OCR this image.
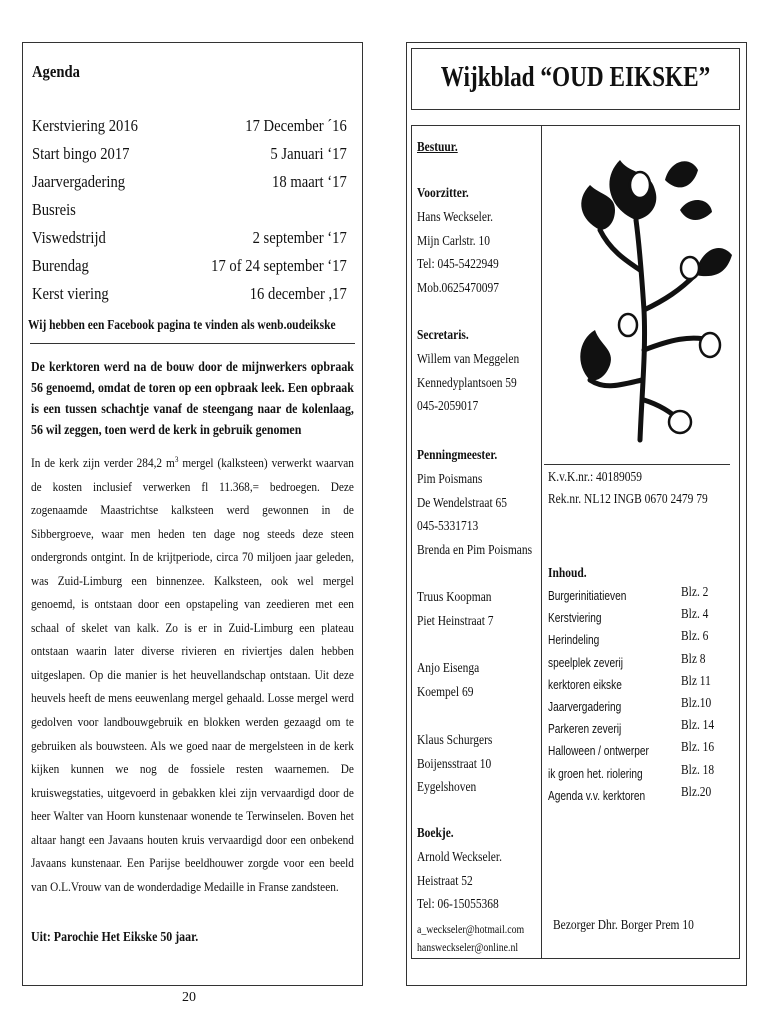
Agenda
Kerstviering 2016	17 December ´16
Start bingo 2017	5 Januari ‘17
Jaarvergadering	18 maart ‘17
Busreis
Viswedstrijd	2 september ‘17
Burendag	17 of 24 september ‘17
Kerst viering	16 december ,17
Wij hebben een Facebook pagina te vinden als wenb.oudeikske
De kerktoren werd na de bouw door de mijnwerkers opbraak 56 genoemd, omdat de toren op een opbraak leek. Een opbraak is een tussen schachtje vanaf de steengang naar de kolenlaag, 56 wil zeggen, toen werd de kerk in gebruik genomen
In de kerk zijn verder 284,2 $m^3$ mergel (kalksteen) verwerkt waarvan de kosten inclusief verwerken fl 11.368,= bedroegen. Deze zogenaamde Maastrichtse kalksteen werd gewonnen in de Sibbergroeve, waar men heden ten dage nog steeds deze steen ondergronds ontgint. In de krijtperiode, circa 70 miljoen jaar geleden, was Zuid-Limburg een binnenzee. Kalksteen, ook wel mergel genoemd, is ontstaan door een opstapeling van zeedieren met een schaal of skelet van kalk. Zo is er in Zuid-Limburg een plateau ontstaan waarin later diverse rivieren en riviertjes dalen hebben uitgeslapen. Op die manier is het heuvellandschap ontstaan. Uit deze heuvels heeft de mens eeuwenlang mergel gehaald. Losse mergel werd gedolven voor landbouwgebruik en blokken werden gezaagd om te gebruiken als bouwsteen. Als we goed naar de mergelsteen in de kerk kijken kunnen we nog de fossiele resten waarnemen. De kruiswegstaties, uitgevoerd in gebakken klei zijn vervaardigd door de heer Walter van Hoorn kunstenaar wonende te Terwinselen. Boven het altaar hangt een Javaans houten kruis vervaardigd door een onbekend Javaans kunstenaar. Een Parijse beeldhouwer zorgde voor een beeld van O.L.Vrouw van de wonderdadige Medaille in Franse zandsteen.
Uit: Parochie Het Eikske 50 jaar.
20
Wijkblad “OUD EIKSKE”
Bestuur.
Voorzitter.
Hans Weckseler.
Mijn Carlstr. 10
Tel: 045-5422949
Mob.0625470097
Secretaris.
Willem van Meggelen
Kennedyplantsoen 59
045-2059017
Penningmeester.
Pim Poismans
De Wendelstraat 65
045-5331713
Brenda en Pim Poismans
Truus Koopman
Piet Heinstraat 7
Anjo Eisenga
Koempel 69
Klaus Schurgers
Boijensstraat 10
Eygelshoven
Boekje.
Arnold Weckseler.
Heistraat 52
Tel: 06-15055368
a_weckseler@hotmail.com
hansweckseler@online.nl
K.v.K.nr.: 40189059
Rek.nr. NL12 INGB 0670 2479 79
Inhoud.
Burgerinitiatieven	Blz. 2
Kerstviering	Blz. 4
Herindeling	Blz. 6
speelplek zeverij	Blz 8
kerktoren eikske	Blz 11
Jaarvergadering	Blz.10
Parkeren zeverij	Blz. 14
Halloween / ontwerper Blz. 16
ik groen het. riolering	Blz. 18
Agenda v.v. kerktoren	Blz.20
Bezorger Dhr. Borger Prem 10
